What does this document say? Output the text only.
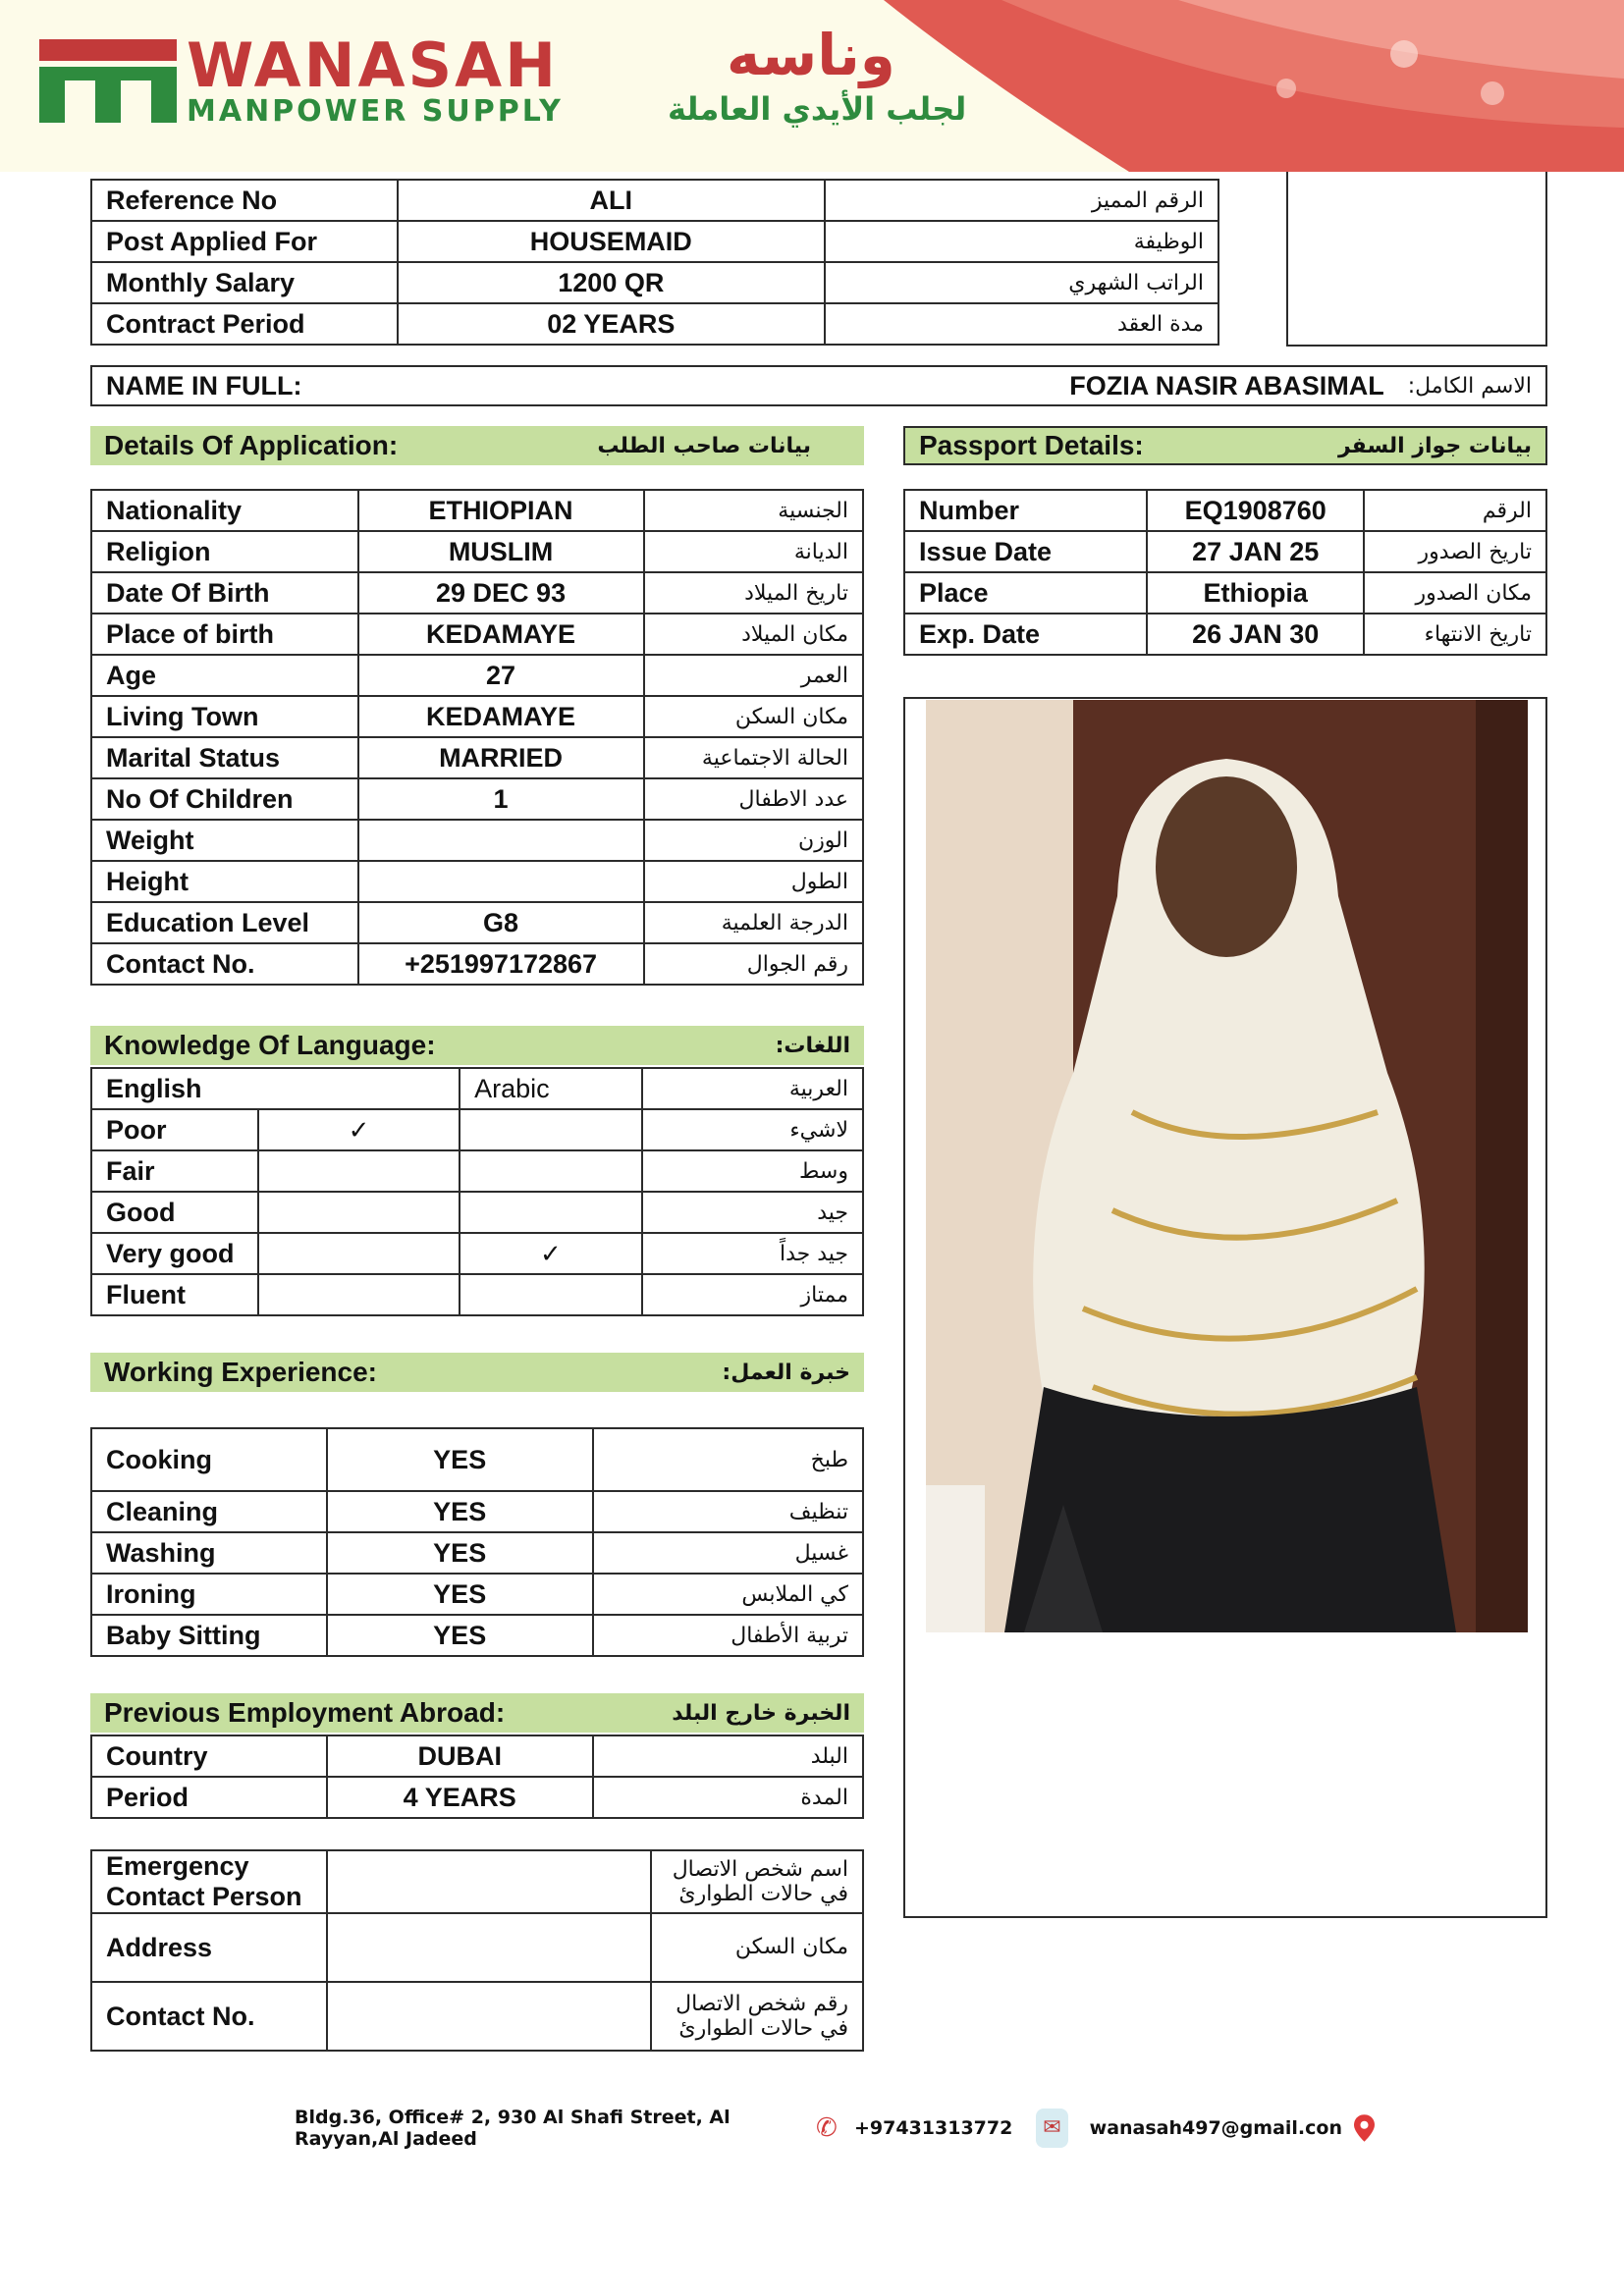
WANASAH	وناسه
MANPOWER SUPPLY	لجلب الأيدي العاملة
Reference No	ALI	الرقم المميز
Post Applied For	HOUSEMAID	الوظيفة
Monthly Salary	1200 QR	الراتب الشهري
Contract Period	02 YEARS	مدة العقد
NAME IN FULL:	FOZIA NASIR ABASIMAL الاسم الكامل:
Details Of Application:	بيانات صاحب الطلب
Nationality	ETHIOPIAN	الجنسية
Religion	MUSLIM	الديانة
Date Of Birth	29 DEC 93	تاريخ الميلاد
Place of birth	KEDAMAYE	مكان الميلاد
Age	27	العمر
Living Town	KEDAMAYE	مكان السكن
Marital Status	MARRIED	الحالة الاجتماعية
No Of Children	1	عدد الاطفال
Weight		الوزن
Height		الطول
Education Level	G8	الدرجة العلمية
Contact No.	+251997172867	رقم الجوال
Passport Details:	بيانات جواز السفر
Number	EQ1908760	الرقم
Issue Date	27 JAN 25	تاريخ الصدور
Place	Ethiopia	مكان الصدور
Exp. Date	26 JAN 30	تاريخ الانتهاء
Knowledge Of Language:	اللغات:
English		Arabic	العربية
Poor	✓		لاشيء
Fair			وسط
Good			جيد
Very good		✓	جيد جداً
Fluent			ممتاز
Working Experience:	خبرة العمل:
Cooking	YES	طبخ
Cleaning	YES	تنظيف
Washing	YES	غسيل
Ironing	YES	كي الملابس
Baby Sitting	YES	تربية الأطفال
Previous Employment Abroad:	الخبرة خارج البلد
Country	DUBAI	البلد
Period	4 YEARS	المدة
Emergency Contact Person		اسم شخص الاتصال في حالات الطوارئ
Address		مكان السكن
Contact No.		رقم شخص الاتصال في حالات الطوارئ
Bldg.36, Office# 2, 930 Al Shafi Street, Al Rayyan,Al Jadeed	✆ +97431313772	✉	wanasah497@gmail.con
